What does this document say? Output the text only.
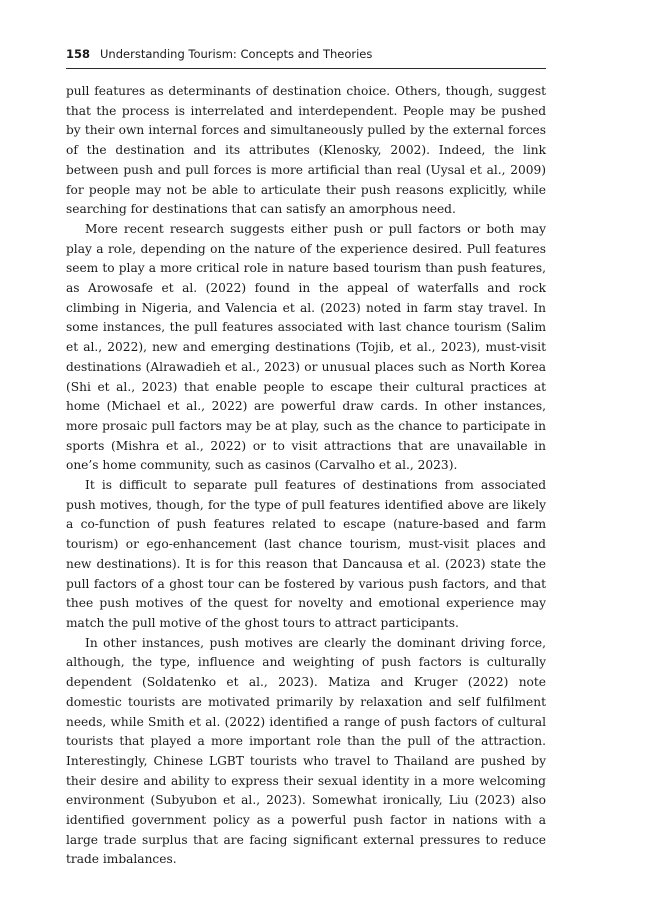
158 Understanding Tourism: Concepts and Theories

pull features as determinants of destination choice. Others, though, suggest that the process is interrelated and interdependent. People may be pushed by their own internal forces and simultaneously pulled by the external forces of the destination and its attributes (Klenosky, 2002). Indeed, the link between push and pull forces is more artificial than real (Uysal et al., 2009) for people may not be able to articulate their push reasons explicitly, while searching for destinations that can satisfy an amorphous need.

More recent research suggests either push or pull factors or both may play a role, depending on the nature of the experience desired. Pull features seem to play a more critical role in nature based tourism than push features, as Arowosafe et al. (2022) found in the appeal of waterfalls and rock climbing in Nigeria, and Valencia et al. (2023) noted in farm stay travel. In some instances, the pull features associated with last chance tourism (Salim et al., 2022), new and emerging destinations (Tojib, et al., 2023), must-visit destinations (Alrawadieh et al., 2023) or unusual places such as North Korea (Shi et al., 2023) that enable people to escape their cultural practices at home (Michael et al., 2022) are powerful draw cards. In other instances, more prosaic pull factors may be at play, such as the chance to participate in sports (Mishra et al., 2022) or to visit attractions that are unavailable in one’s home community, such as casinos (Carvalho et al., 2023).

It is difficult to separate pull features of destinations from associated push motives, though, for the type of pull features identified above are likely a co-function of push features related to escape (nature-based and farm tourism) or ego-enhancement (last chance tourism, must-visit places and new destinations). It is for this reason that Dancausa et al. (2023) state the pull factors of a ghost tour can be fostered by various push factors, and that thee push motives of the quest for novelty and emotional experience may match the pull motive of the ghost tours to attract participants.

In other instances, push motives are clearly the dominant driving force, although, the type, influence and weighting of push factors is culturally dependent (Soldatenko et al., 2023). Matiza and Kruger (2022) note domestic tourists are motivated primarily by relaxation and self fulfilment needs, while Smith et al. (2022) identified a range of push factors of cultural tourists that played a more important role than the pull of the attraction. Interestingly, Chinese LGBT tourists who travel to Thailand are pushed by their desire and ability to express their sexual identity in a more welcoming environment (Subyubon et al., 2023). Somewhat ironically, Liu (2023) also identified government policy as a powerful push factor in nations with a large trade surplus that are facing significant external pressures to reduce trade imbalances.
